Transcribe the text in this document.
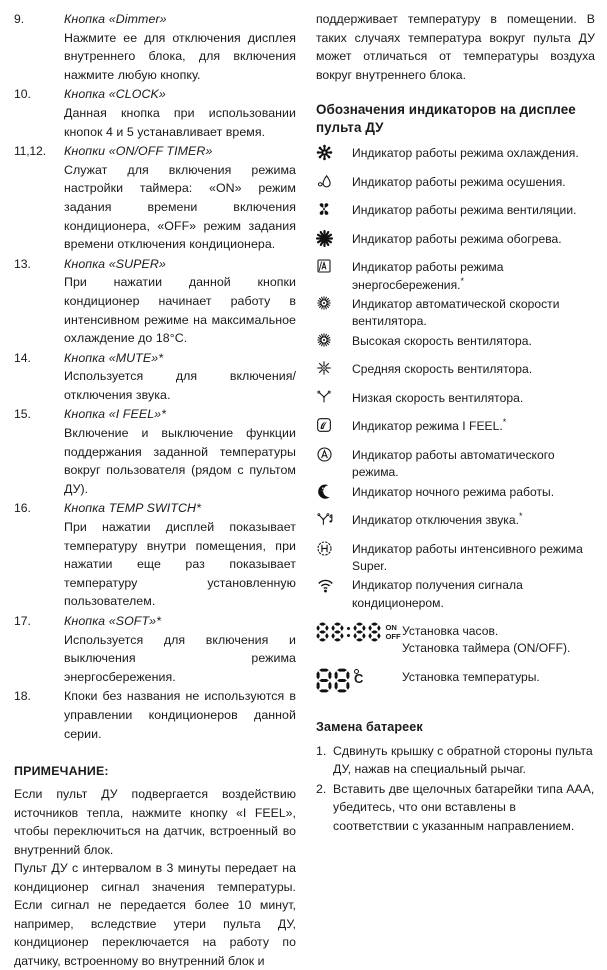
9.	Кнопка «Dimmer»
Нажмите ее для отключения дисплея внутреннего блока, для включения нажмите любую кнопку.
10.	Кнопка «CLOCK»
Данная кнопка при использовании кнопок 4 и 5 устанавливает время.
11,12.	Кнопки «ON/OFF TIMER»
Служат для включения режима настройки таймера: «ON» режим задания времени включения кондиционера, «OFF» режим задания времени отключения кондиционера.
13.	Кнопка «SUPER»
При нажатии данной кнопки кондиционер начинает работу в интенсивном режиме на максимальное охлаждение до 18°С.
14.	Кнопка «MUTE»*
Используется для включения/отключения звука.
15.	Кнопка «I FEEL»*
Включение и выключение функции поддержания заданной температуры вокруг пользователя (рядом с пультом ДУ).
16.	Кнопка TEMP SWITCH*
При нажатии дисплей показывает температуру внутри помещения, при нажатии еще раз показывает температуру установленную пользователем.
17.	Кнопка «SOFT»*
Используется для включения и выключения режима энергосбережения.
18.	Кпоки без названия не используются в управлении кондиционеров данной серии.
ПРИМЕЧАНИЕ:

Если пульт ДУ подвергается воздействию источников тепла, нажмите кнопку «I FEEL», чтобы переключиться на датчик, встроенный во внутренний блок.

Пульт ДУ с интервалом в 3 минуты передает на кондиционер сигнал значения температуры. Если сигнал не передается более 10 минут, например, вследствие утери пульта ДУ, кондиционер переключается на работу по датчику, встроенному во внутренний блок и

поддерживает температуру в помещении. В таких случаях температура вокруг пульта ДУ может отличаться от температуры воздуха вокруг внутреннего блока.

Обозначения индикаторов на дисплее пульта ДУ
Индикатор работы режима охлаждения.
Индикатор работы режима осушения.
Индикатор работы режима вентиляции.
Индикатор работы режима обогрева.
Индикатор работы режима энергосбережения.*
Индикатор автоматической скорости вентилятора.
Высокая скорость вентилятора.
Средняя скорость вентилятора.
Низкая скорость вентилятора.
Индикатор режима I FEEL.*
Индикатор работы автоматического режима.
Индикатор ночного режима работы.
Индикатор отключения звука.*
Индикатор работы интенсивного режима Super.
Индикатор получения сигнала кондиционером.
ON
OFF Установка часов.
Установка таймера (ON/OFF).
C	Установка температуры.
Замена батареек
1. Сдвинуть крышку с обратной стороны пульта ДУ, нажав на специальный рычаг.
2. Вставить две щелочных батарейки типа ААА, убедитесь, что они вставлены в соответствии с указанным направлением.
